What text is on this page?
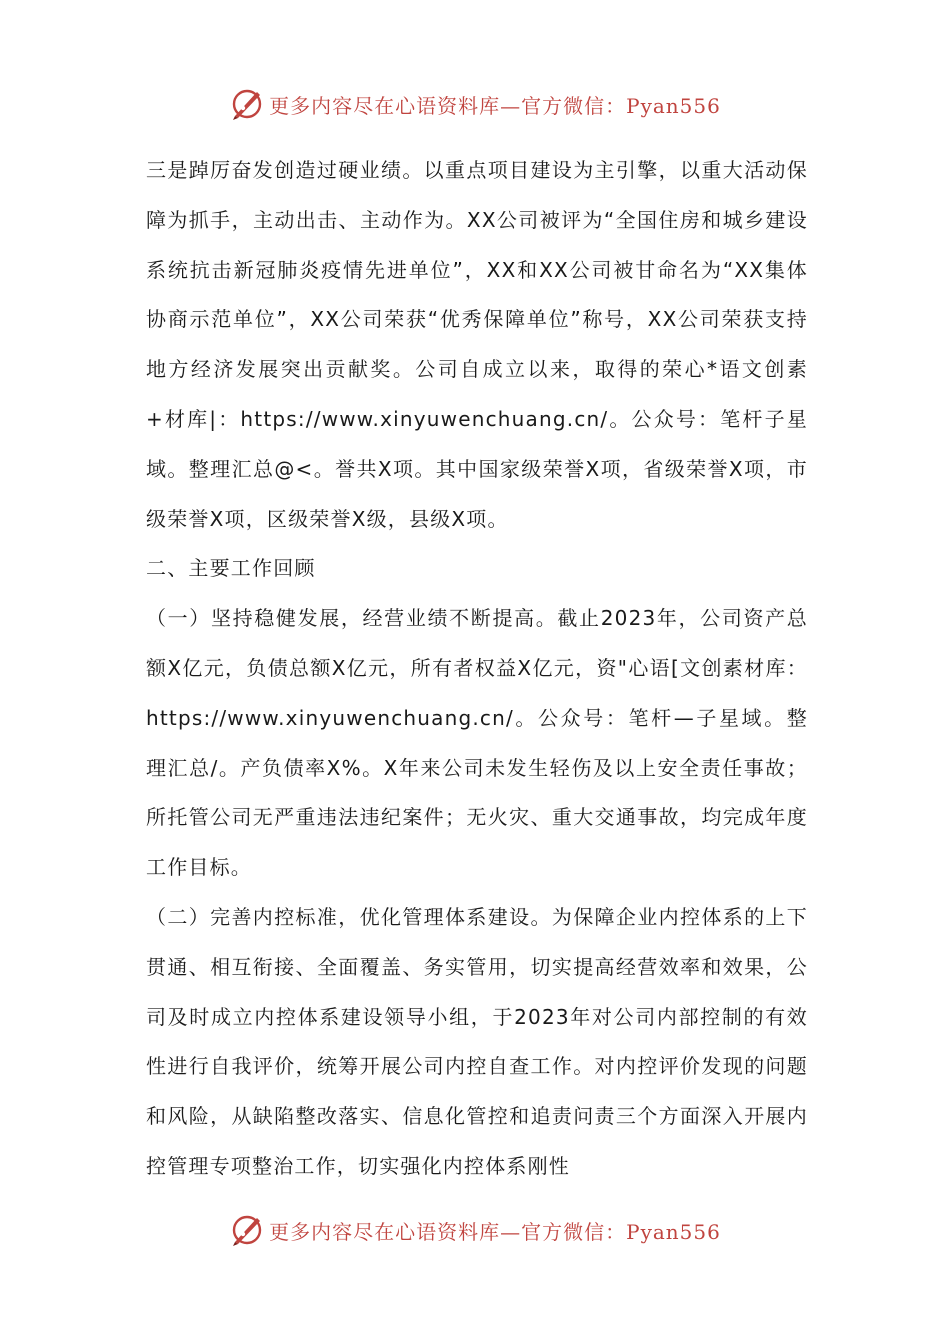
更多内容尽在心语资料库—官方微信：Pyan556

三是踔厉奋发创造过硬业绩。以重点项目建设为主引擎，以重大活动保障为抓手，主动出击、主动作为。XX公司被评为“全国住房和城乡建设系统抗击新冠肺炎疫情先进单位”，XX和XX公司被甘命名为“XX集体协商示范单位”，XX公司荣获“优秀保障单位”称号，XX公司荣获支持地方经济发展突出贡献奖。公司自成立以来，取得的荣心*语文创素+材库|：https://www.xinyuwenchuang.cn/。公众号：笔杆子星域。整理汇总@<。誉共X项。其中国家级荣誉X项，省级荣誉X项，市级荣誉X项，区级荣誉X级，县级X项。

二、主要工作回顾

（一）坚持稳健发展，经营业绩不断提高。截止2023年，公司资产总额X亿元，负债总额X亿元，所有者权益X亿元，资"心语[文创素材库：https://www.xinyuwenchuang.cn/。公众号：笔杆—子星域。整理汇总/。产负债率X%。X年来公司未发生轻伤及以上安全责任事故；所托管公司无严重违法违纪案件；无火灾、重大交通事故，均完成年度工作目标。

（二）完善内控标准，优化管理体系建设。为保障企业内控体系的上下贯通、相互衔接、全面覆盖、务实管用，切实提高经营效率和效果，公司及时成立内控体系建设领导小组，于2023年对公司内部控制的有效性进行自我评价，统筹开展公司内控自查工作。对内控评价发现的问题和风险，从缺陷整改落实、信息化管控和追责问责三个方面深入开展内控管理专项整治工作，切实强化内控体系刚性

更多内容尽在心语资料库—官方微信：Pyan556
